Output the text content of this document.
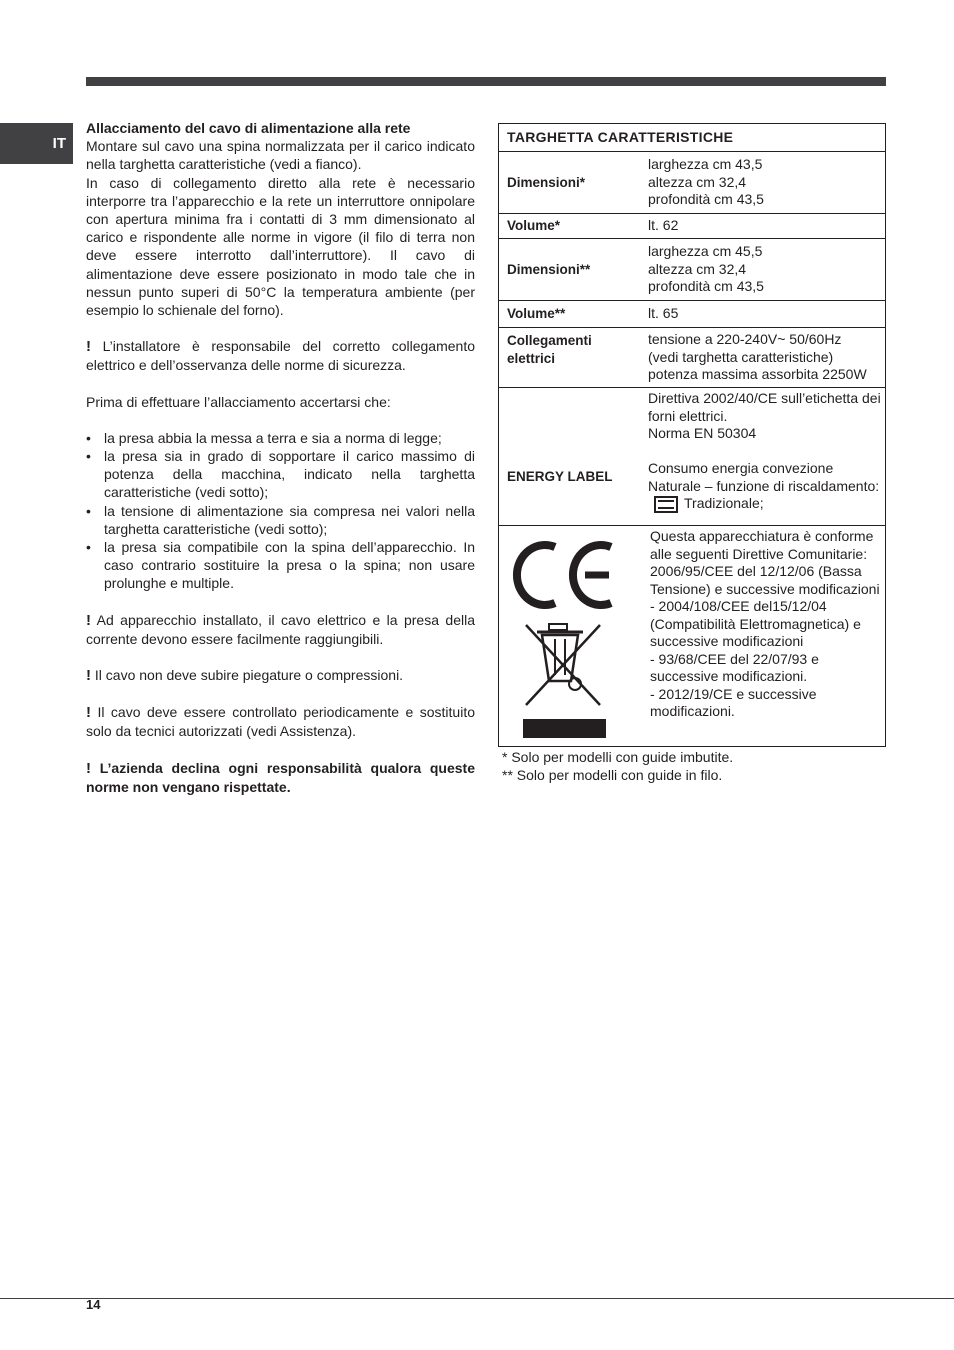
IT

Allacciamento del cavo di alimentazione alla rete

Montare sul cavo una spina normalizzata per il carico indicato nella targhetta caratteristiche (vedi a fianco).

In caso di collegamento diretto alla rete è necessario interporre tra l’apparecchio e la rete un interruttore onnipolare con apertura minima fra i contatti di 3 mm dimensionato al carico e rispondente alle norme in vigore (il filo di terra non deve essere interrotto dall’interruttore). Il cavo di alimentazione deve essere posizionato in modo tale che in nessun punto superi di 50°C la temperatura ambiente (per esempio lo schienale del forno).

! L’installatore è responsabile del corretto collegamento elettrico e dell’osservanza delle norme di sicurezza.

Prima di effettuare l’allacciamento accertarsi che:

• la presa abbia la messa a terra e sia a norma di legge;
• la presa sia in grado di sopportare il carico massimo di potenza della macchina, indicato nella targhetta caratteristiche (vedi sotto);
• la tensione di alimentazione sia compresa nei valori nella targhetta caratteristiche (vedi sotto);
• la presa sia compatibile con la spina dell’apparecchio. In caso contrario sostituire la presa o la spina; non usare prolunghe e multiple.

! Ad apparecchio installato, il cavo elettrico e la presa della corrente devono essere facilmente raggiungibili.

! Il cavo non deve subire piegature o compressioni.

! Il cavo deve essere controllato periodicamente e sostituito solo da tecnici autorizzati (vedi Assistenza).

! L’azienda declina ogni responsabilità qualora queste norme non vengano rispettate.

TARGHETTA CARATTERISTICHE	
Dimensioni*	larghezza cm 43,5
altezza cm 32,4
profondità cm 43,5

Volume*	lt. 62
Dimensioni**	larghezza cm 45,5
altezza cm 32,4
profondità cm 43,5

Volume**	lt. 65
Collegamenti elettrici	tensione a 220-240V~ 50/60Hz
(vedi targhetta caratteristiche)
potenza massima assorbita 2250W

ENERGY LABEL	Direttiva 2002/40/CE sull’etichetta dei forni elettrici.
Norma EN 50304
Consumo energia convezione Naturale – funzione di riscaldamento:Tradizionale;

Questa apparecchiatura è conforme alle seguenti Direttive Comunitarie: 2006/95/CEE del 12/12/06 (Bassa Tensione) e successive modificazioni
- 2004/108/CEE del15/12/04 (Compatibilità Elettromagnetica) e successive modificazioni
- 93/68/CEE del 22/07/93 e successive modificazioni.
- 2012/19/CE e successive modificazioni.
* Solo per modelli con guide imbutite.
** Solo per modelli con guide in filo.
14
